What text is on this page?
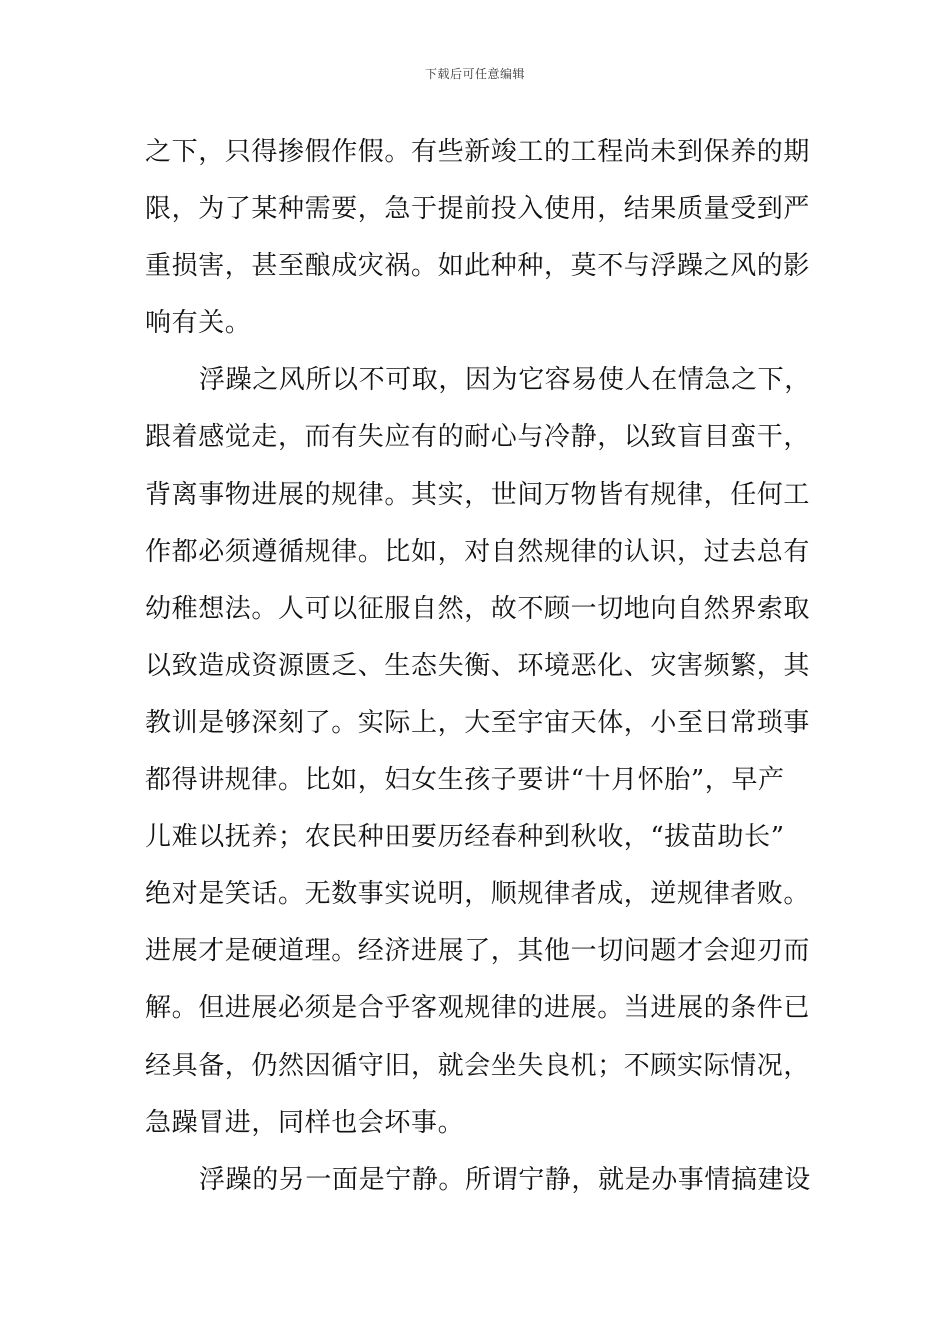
下载后可任意编辑
之下，只得掺假作假。有些新竣工的工程尚未到保养的期
限，为了某种需要，急于提前投入使用，结果质量受到严
重损害，甚至酿成灾祸。如此种种，莫不与浮躁之风的影
响有关。
浮躁之风所以不可取，因为它容易使人在情急之下，
跟着感觉走，而有失应有的耐心与冷静，以致盲目蛮干，
背离事物进展的规律。其实，世间万物皆有规律，任何工
作都必须遵循规律。比如，对自然规律的认识，过去总有
幼稚想法。人可以征服自然，故不顾一切地向自然界索取
以致造成资源匮乏、生态失衡、环境恶化、灾害频繁，其
教训是够深刻了。实际上，大至宇宙天体，小至日常琐事
都得讲规律。比如，妇女生孩子要讲“十月怀胎”，早产
儿难以抚养；农民种田要历经春种到秋收，“拔苗助长”
绝对是笑话。无数事实说明，顺规律者成，逆规律者败。
进展才是硬道理。经济进展了，其他一切问题才会迎刃而
解。但进展必须是合乎客观规律的进展。当进展的条件已
经具备，仍然因循守旧，就会坐失良机；不顾实际情况，
急躁冒进，同样也会坏事。
浮躁的另一面是宁静。所谓宁静，就是办事情搞建设
